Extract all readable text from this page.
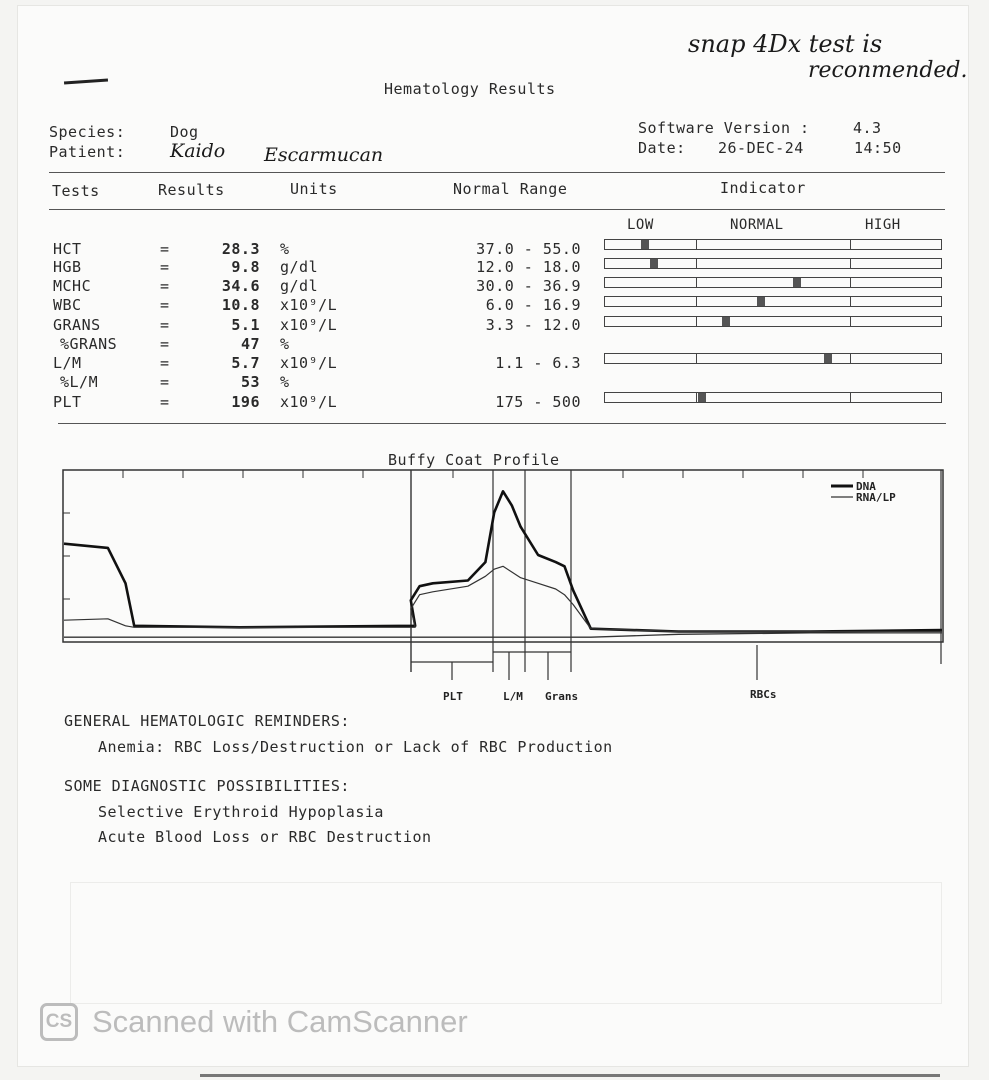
snap 4Dx test is
reconmended.
Hematology Results
Species:	Dog
Patient: Kaido Escarmucan
Software Version :	4.3
Date: 26-DEC-24	14:50
Tests	Results	Units	Normal Range	Indicator
LOW	NORMAL	HIGH
HCT	=	28.3 %	37.0 - 55.0
HGB	=	9.8 g/dl	12.0 - 18.0
MCHC	=	34.6 g/dl	30.0 - 36.9
WBC	=	10.8 x10⁹/L	6.0 - 16.9
GRANS	=	5.1 x10⁹/L	3.3 - 12.0
%GRANS	=	47 %
L/M	=	5.7 x10⁹/L	1.1 - 6.3
%L/M	=	53 %
PLT	=	196 x10⁹/L	175 - 500
Buffy Coat Profile
DNA
RNA/LP
PLT	L/M Grans	RBCs
GENERAL HEMATOLOGIC REMINDERS:
Anemia: RBC Loss/Destruction or Lack of RBC Production
SOME DIAGNOSTIC POSSIBILITIES:
Selective Erythroid Hypoplasia
Acute Blood Loss or RBC Destruction
CS Scanned with CamScanner
